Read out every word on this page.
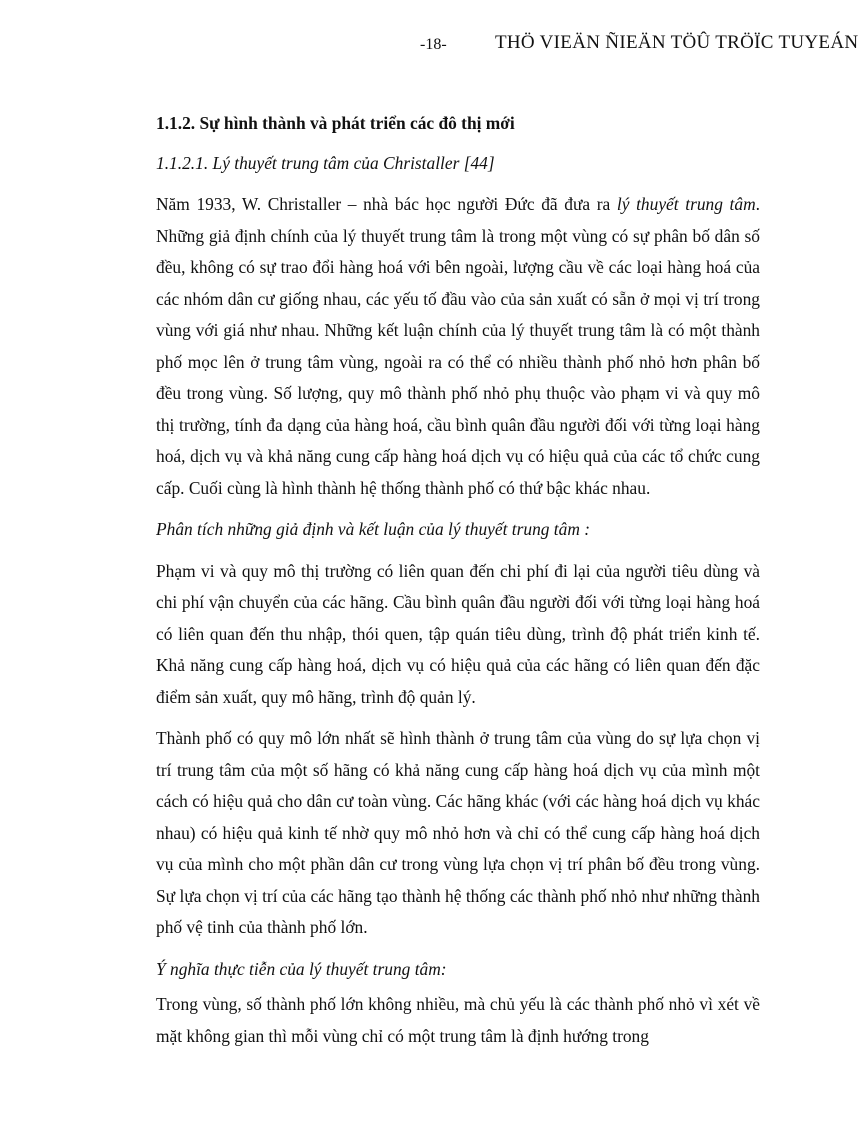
-18-	THÖ VIEÄN ÑIEÄN TÖÛ TRÖÏC TUYEÁN

1.1.2. Sự hình thành và phát triển các đô thị mới

1.1.2.1. Lý thuyết trung tâm của Christaller [44]

Năm 1933, W. Christaller – nhà bác học người Đức đã đưa ra lý thuyết trung tâm. Những giả định chính của lý thuyết trung tâm là trong một vùng có sự phân bố dân số đều, không có sự trao đổi hàng hoá với bên ngoài, lượng cầu về các loại hàng hoá của các nhóm dân cư giống nhau, các yếu tố đầu vào của sản xuất có sẵn ở mọi vị trí trong vùng với giá như nhau. Những kết luận chính của lý thuyết trung tâm là có một thành phố mọc lên ở trung tâm vùng, ngoài ra có thể có nhiều thành phố nhỏ hơn phân bố đều trong vùng. Số lượng, quy mô thành phố nhỏ phụ thuộc vào phạm vi và quy mô thị trường, tính đa dạng của hàng hoá, cầu bình quân đầu người đối với từng loại hàng hoá, dịch vụ và khả năng cung cấp hàng hoá dịch vụ có hiệu quả của các tổ chức cung cấp. Cuối cùng là hình thành hệ thống thành phố có thứ bậc khác nhau.

Phân tích những giả định và kết luận của lý thuyết trung tâm :

Phạm vi và quy mô thị trường có liên quan đến chi phí đi lại của người tiêu dùng và chi phí vận chuyển của các hãng. Cầu bình quân đầu người đối với từng loại hàng hoá có liên quan đến thu nhập, thói quen, tập quán tiêu dùng, trình độ phát triển kinh tế. Khả năng cung cấp hàng hoá, dịch vụ có hiệu quả của các hãng có liên quan đến đặc điểm sản xuất, quy mô hãng, trình độ quản lý.

Thành phố có quy mô lớn nhất sẽ hình thành ở trung tâm của vùng do sự lựa chọn vị trí trung tâm của một số hãng có khả năng cung cấp hàng hoá dịch vụ của mình một cách có hiệu quả cho dân cư toàn vùng. Các hãng khác (với các hàng hoá dịch vụ khác nhau) có hiệu quả kinh tế nhờ quy mô nhỏ hơn và chỉ có thể cung cấp hàng hoá dịch vụ của mình cho một phần dân cư trong vùng lựa chọn vị trí phân bố đều trong vùng. Sự lựa chọn vị trí của các hãng tạo thành hệ thống các thành phố nhỏ như những thành phố vệ tinh của thành phố lớn.

Ý nghĩa thực tiễn của lý thuyết trung tâm:

Trong vùng, số thành phố lớn không nhiều, mà chủ yếu là các thành phố nhỏ vì xét về mặt không gian thì mỗi vùng chỉ có một trung tâm là định hướng trong
